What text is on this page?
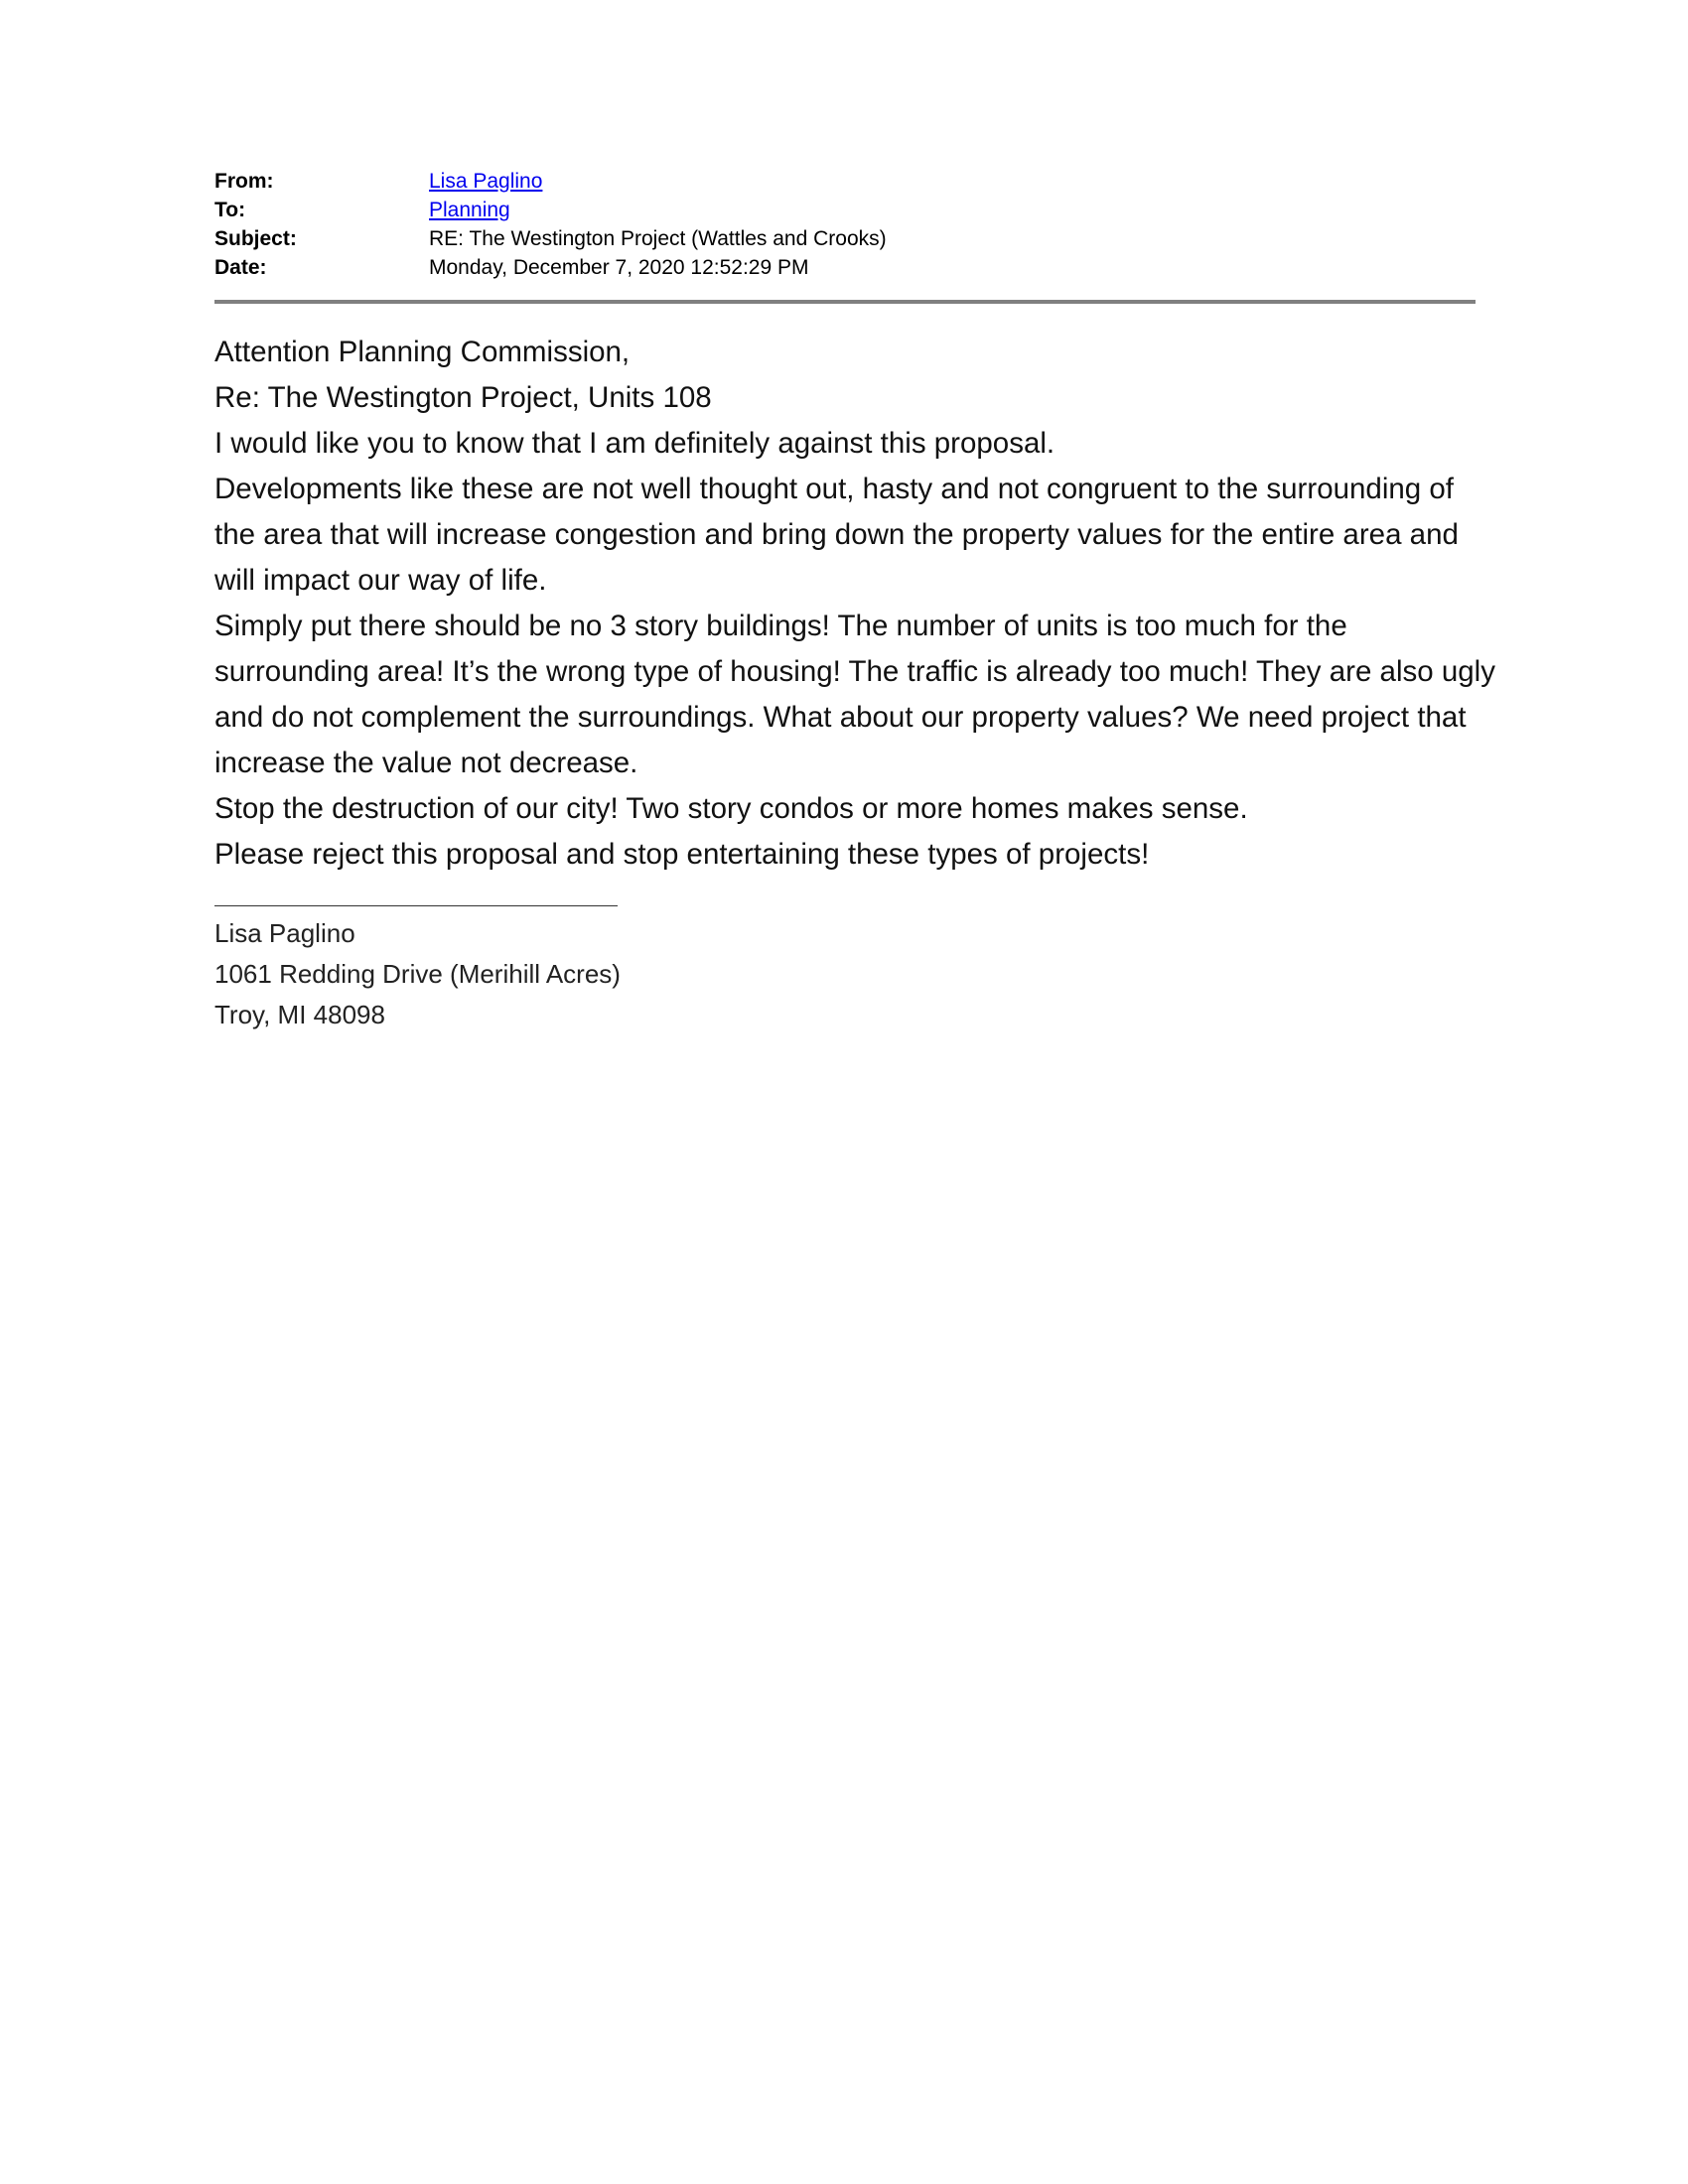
From:	Lisa Paglino
To:	Planning
Subject:	RE: The Westington Project (Wattles and Crooks)
Date:	Monday, December 7, 2020 12:52:29 PM

Attention Planning Commission,

Re: The Westington Project, Units 108

I would like you to know that I am definitely against this proposal.

Developments like these are not well thought out, hasty and not congruent to the surrounding of the area that will increase congestion and bring down the property values for the entire area and will impact our way of life.

Simply put there should be no 3 story buildings! The number of units is too much for the surrounding area! It’s the wrong type of housing! The traffic is already too much! They are also ugly and do not complement the surroundings. What about our property values? We need project that increase the value not decrease.

Stop the destruction of our city! Two story condos or more homes makes sense.

Please reject this proposal and stop entertaining these types of projects!

Lisa Paglino
1061 Redding Drive (Merihill Acres)
Troy, MI 48098
